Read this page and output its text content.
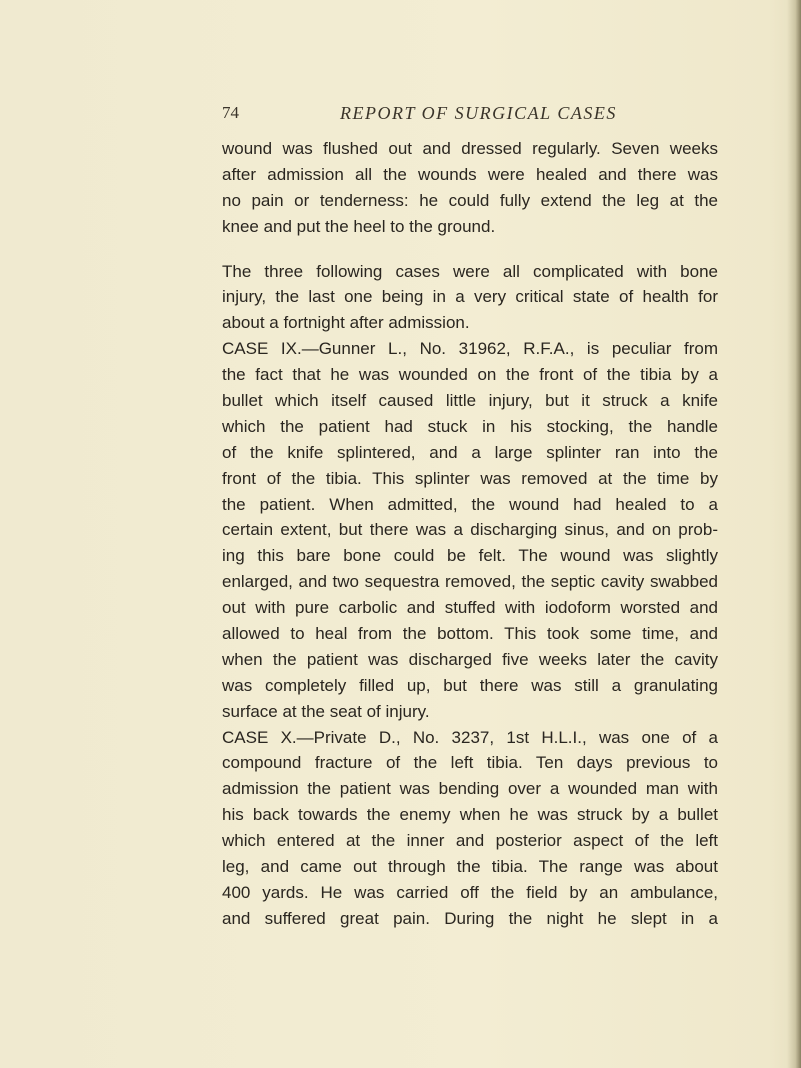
74	REPORT OF SURGICAL CASES
wound was flushed out and dressed regularly. Seven weeks
after admission all the wounds were healed and there was
no pain or tenderness: he could fully extend the leg at the
knee and put the heel to the ground.
The three following cases were all complicated with bone
injury, the last one being in a very critical state of health for
about a fortnight after admission.
CASE IX.—Gunner L., No. 31962, R.F.A., is peculiar from
the fact that he was wounded on the front of the tibia by a
bullet which itself caused little injury, but it struck a knife
which the patient had stuck in his stocking, the handle
of the knife splintered, and a large splinter ran into the
front of the tibia. This splinter was removed at the time by
the patient. When admitted, the wound had healed to a
certain extent, but there was a discharging sinus, and on prob-
ing this bare bone could be felt. The wound was slightly
enlarged, and two sequestra removed, the septic cavity swabbed
out with pure carbolic and stuffed with iodoform worsted and
allowed to heal from the bottom. This took some time, and
when the patient was discharged five weeks later the cavity
was completely filled up, but there was still a granulating
surface at the seat of injury.
CASE X.—Private D., No. 3237, 1st H.L.I., was one of a
compound fracture of the left tibia. Ten days previous to
admission the patient was bending over a wounded man with
his back towards the enemy when he was struck by a bullet
which entered at the inner and posterior aspect of the left
leg, and came out through the tibia. The range was about
400 yards. He was carried off the field by an ambulance,
and suffered great pain. During the night he slept in a
